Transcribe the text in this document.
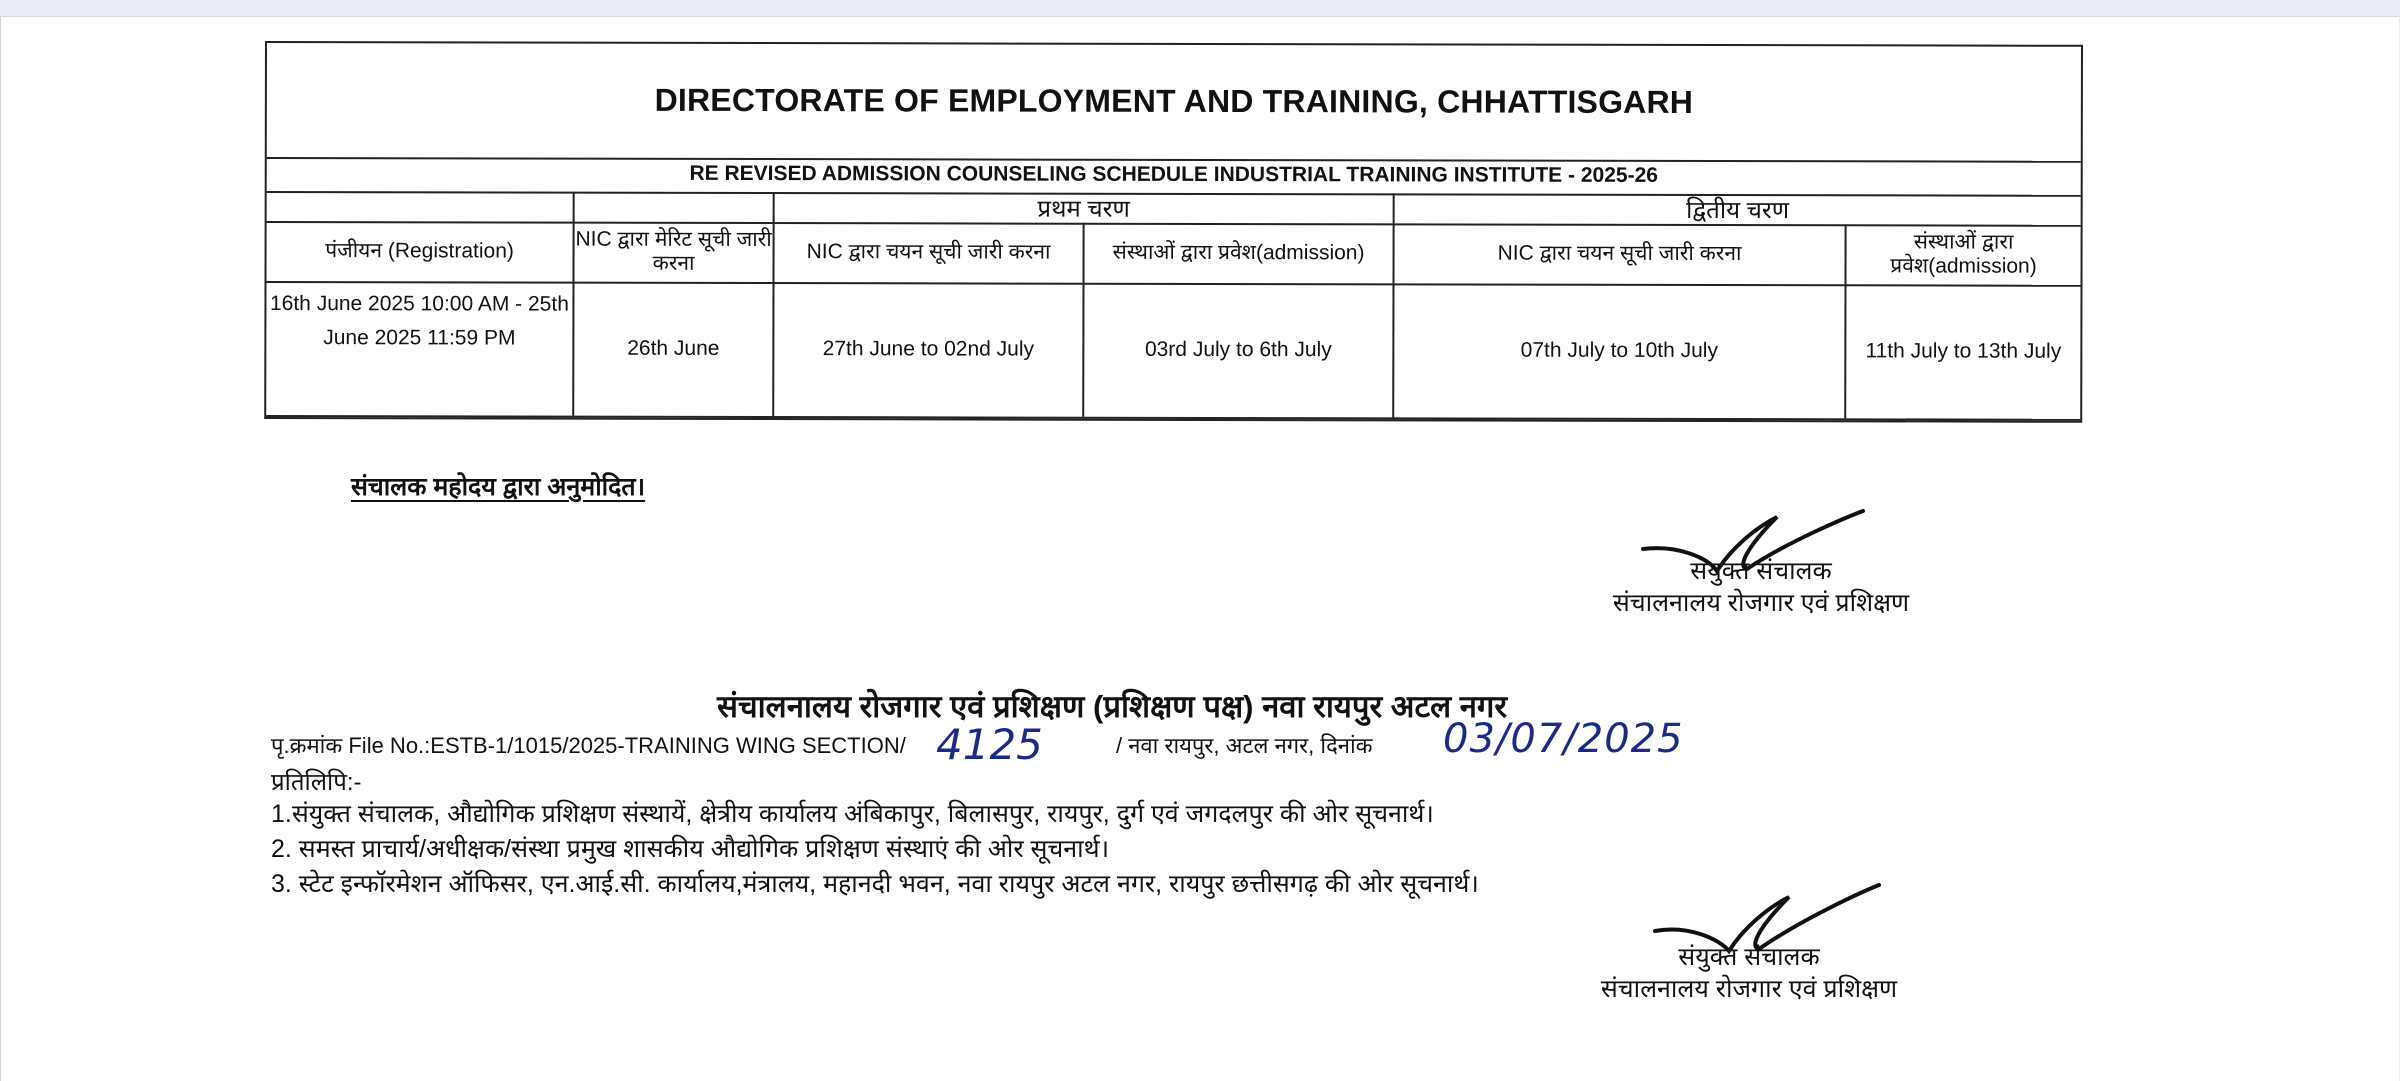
DIRECTORATE OF EMPLOYMENT AND TRAINING, CHHATTISGARH
RE REVISED ADMISSION COUNSELING SCHEDULE INDUSTRIAL TRAINING INSTITUTE - 2025-26
प्रथम चरण	द्वितीय चरण
पंजीयन (Registration)	NIC द्वारा मेरिट सूची जारी करना	NIC द्वारा चयन सूची जारी करना	संस्थाओं द्वारा प्रवेश(admission)	NIC द्वारा चयन सूची जारी करना	संस्थाओं द्वारा प्रवेश(admission)
16th June 2025 10:00 AM - 25th June 2025 11:59 PM	26th June	27th June to 02nd July	03rd July to 6th July	07th July to 10th July	11th July to 13th July
संचालक महोदय द्वारा अनुमोदित।
संयुक्त संचालक
संचालनालय रोजगार एवं प्रशिक्षण
संचालनालय रोजगार एवं प्रशिक्षण (प्रशिक्षण पक्ष) नवा रायपुर अटल नगर
पृ.क्रमांक File No.:ESTB-1/1015/2025-TRAINING WING SECTION/ 4125	/ नवा रायपुर, अटल नगर, दिनांक 03/07/2025
प्रतिलिपि:-
1.संयुक्त संचालक, औद्योगिक प्रशिक्षण संस्थायें, क्षेत्रीय कार्यालय अंबिकापुर, बिलासपुर, रायपुर, दुर्ग एवं जगदलपुर की ओर सूचनार्थ।
2. समस्त प्राचार्य/अधीक्षक/संस्था प्रमुख शासकीय औद्योगिक प्रशिक्षण संस्थाएं की ओर सूचनार्थ।
3. स्टेट इन्फॉरमेशन ऑफिसर, एन.आई.सी. कार्यालय,मंत्रालय, महानदी भवन, नवा रायपुर अटल नगर, रायपुर छत्तीसगढ़ की ओर सूचनार्थ।
संयुक्त संचालक
संचालनालय रोजगार एवं प्रशिक्षण
